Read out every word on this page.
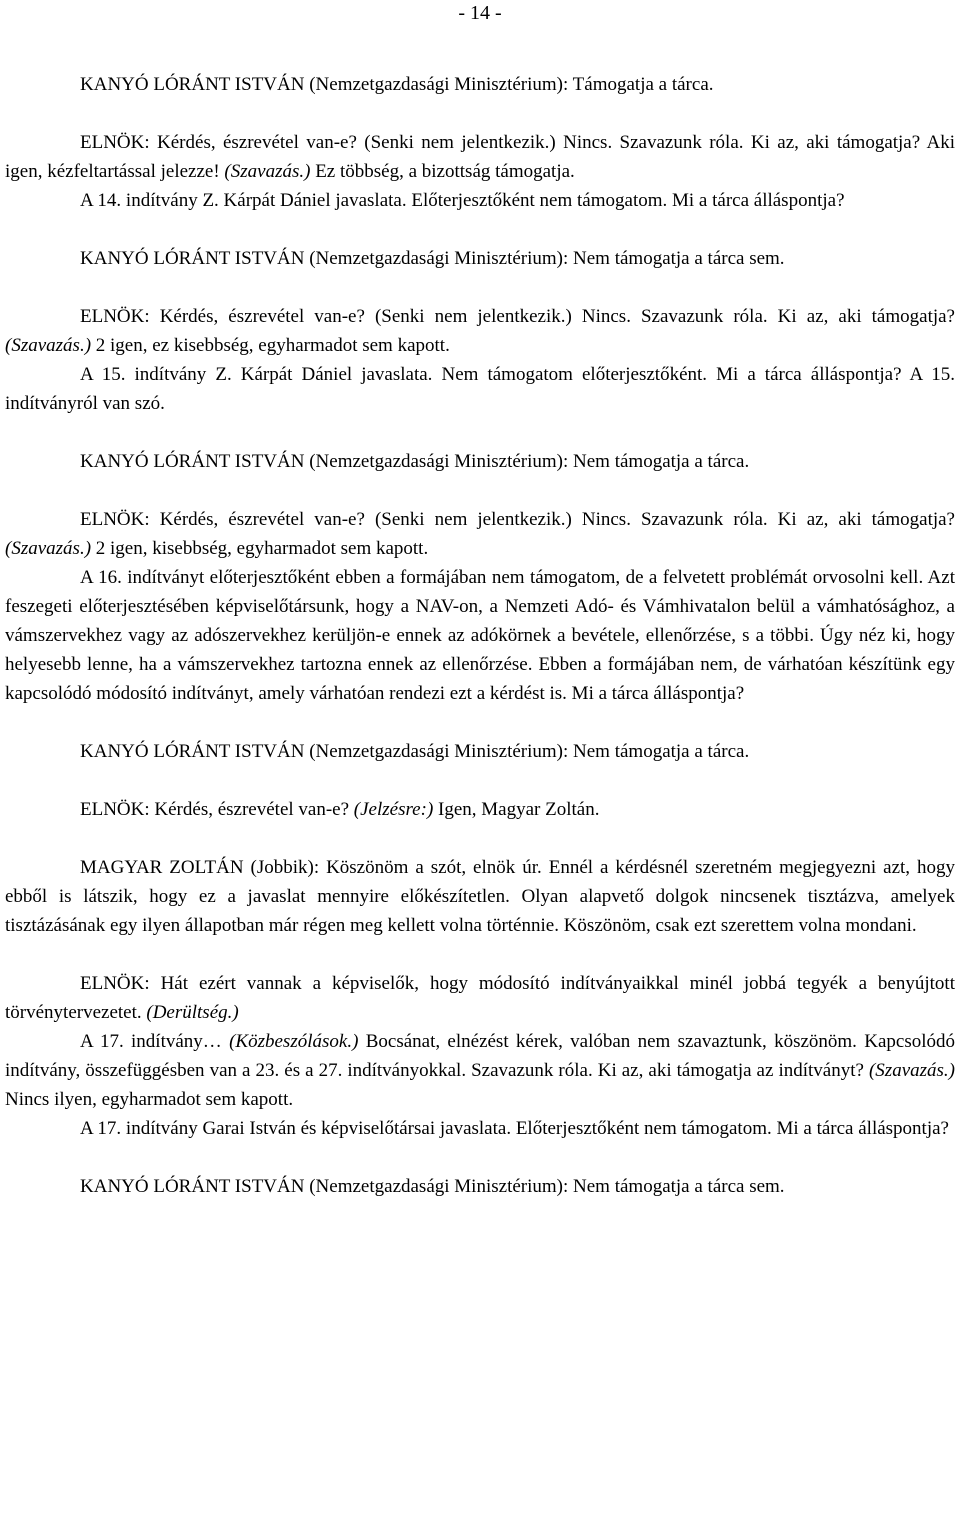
- 14 -

KANYÓ LÓRÁNT ISTVÁN (Nemzetgazdasági Minisztérium): Támogatja a tárca.

ELNÖK: Kérdés, észrevétel van-e? (Senki nem jelentkezik.) Nincs. Szavazunk róla. Ki az, aki támogatja? Aki igen, kézfeltartással jelezze! (Szavazás.) Ez többség, a bizottság támogatja.

A 14. indítvány Z. Kárpát Dániel javaslata. Előterjesztőként nem támogatom. Mi a tárca álláspontja?

KANYÓ LÓRÁNT ISTVÁN (Nemzetgazdasági Minisztérium): Nem támogatja a tárca sem.

ELNÖK: Kérdés, észrevétel van-e? (Senki nem jelentkezik.) Nincs. Szavazunk róla. Ki az, aki támogatja? (Szavazás.) 2 igen, ez kisebbség, egyharmadot sem kapott.

A 15. indítvány Z. Kárpát Dániel javaslata. Nem támogatom előterjesztőként. Mi a tárca álláspontja? A 15. indítványról van szó.

KANYÓ LÓRÁNT ISTVÁN (Nemzetgazdasági Minisztérium): Nem támogatja a tárca.

ELNÖK: Kérdés, észrevétel van-e? (Senki nem jelentkezik.) Nincs. Szavazunk róla. Ki az, aki támogatja? (Szavazás.) 2 igen, kisebbség, egyharmadot sem kapott.

A 16. indítványt előterjesztőként ebben a formájában nem támogatom, de a felvetett problémát orvosolni kell. Azt feszegeti előterjesztésében képviselőtársunk, hogy a NAV-on, a Nemzeti Adó- és Vámhivatalon belül a vámhatósághoz, a vámszervekhez vagy az adószervekhez kerüljön-e ennek az adókörnek a bevétele, ellenőrzése, s a többi. Úgy néz ki, hogy helyesebb lenne, ha a vámszervekhez tartozna ennek az ellenőrzése. Ebben a formájában nem, de várhatóan készítünk egy kapcsolódó módosító indítványt, amely várhatóan rendezi ezt a kérdést is. Mi a tárca álláspontja?

KANYÓ LÓRÁNT ISTVÁN (Nemzetgazdasági Minisztérium): Nem támogatja a tárca.

ELNÖK: Kérdés, észrevétel van-e? (Jelzésre:) Igen, Magyar Zoltán.

MAGYAR ZOLTÁN (Jobbik): Köszönöm a szót, elnök úr. Ennél a kérdésnél szeretném megjegyezni azt, hogy ebből is látszik, hogy ez a javaslat mennyire előkészítetlen. Olyan alapvető dolgok nincsenek tisztázva, amelyek tisztázásának egy ilyen állapotban már régen meg kellett volna történnie. Köszönöm, csak ezt szerettem volna mondani.

ELNÖK: Hát ezért vannak a képviselők, hogy módosító indítványaikkal minél jobbá tegyék a benyújtott törvénytervezetet. (Derültség.)

A 17. indítvány… (Közbeszólások.) Bocsánat, elnézést kérek, valóban nem szavaztunk, köszönöm. Kapcsolódó indítvány, összefüggésben van a 23. és a 27. indítványokkal. Szavazunk róla. Ki az, aki támogatja az indítványt? (Szavazás.) Nincs ilyen, egyharmadot sem kapott.

A 17. indítvány Garai István és képviselőtársai javaslata. Előterjesztőként nem támogatom. Mi a tárca álláspontja?

KANYÓ LÓRÁNT ISTVÁN (Nemzetgazdasági Minisztérium): Nem támogatja a tárca sem.
